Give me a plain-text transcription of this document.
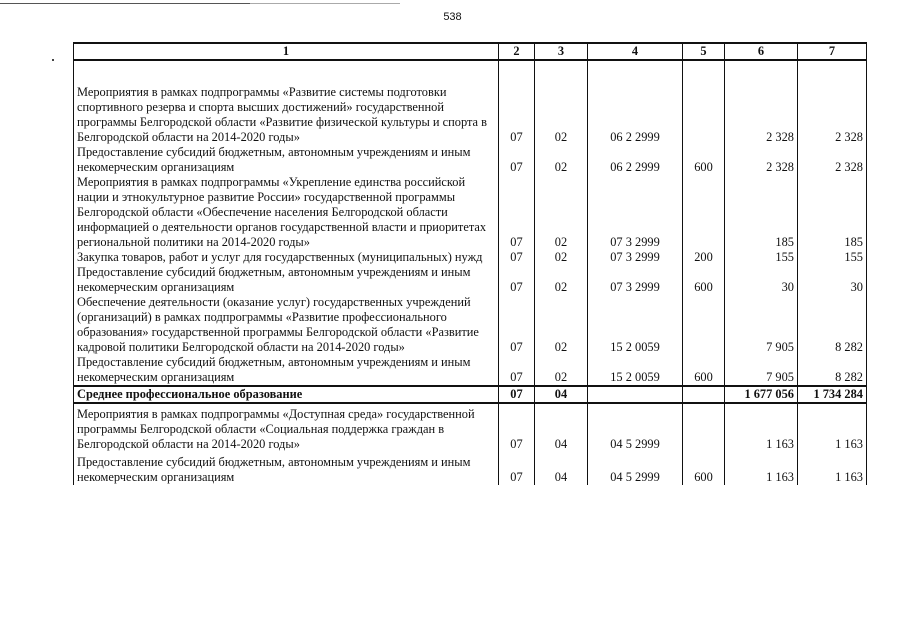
538
1	2	3	4	5	6	7
Мероприятия в рамках подпрограммы «Развитие системы подготовки спортивного резерва и спорта высших достижений» государственной программы Белгородской области «Развитие физической культуры и спорта в Белгородской области на 2014-2020 годы»	07	02	06 2 2999		2 328	2 328
Предоставление субсидий бюджетным, автономным учреждениям и иным некомерческим организациям	07	02	06 2 2999	600	2 328	2 328
Мероприятия в рамках подпрограммы «Укрепление единства российской нации и этнокультурное развитие России» государственной программы Белгородской области «Обеспечение населения Белгородской области информацией о деятельности органов государственной власти и приоритетах региональной политики на 2014-2020 годы»	07	02	07 3 2999		185	185
Закупка товаров, работ и услуг для государственных (муниципальных) нужд	07	02	07 3 2999	200	155	155
Предоставление субсидий бюджетным, автономным учреждениям и иным некомерческим организациям	07	02	07 3 2999	600	30	30
Обеспечение деятельности (оказание услуг) государственных учреждений (организаций) в рамках подпрограммы «Развитие профессионального образования» государственной программы Белгородской области «Развитие кадровой политики Белгородской области на 2014-2020 годы»	07	02	15 2 0059		7 905	8 282
Предоставление субсидий бюджетным, автономным учреждениям и иным некомерческим организациям	07	02	15 2 0059	600	7 905	8 282
Среднее профессиональное образование	07	04			1 677 056	1 734 284
Мероприятия в рамках подпрограммы «Доступная среда» государственной программы Белгородской области «Социальная поддержка граждан в Белгородской области на 2014-2020 годы»	07	04	04 5 2999		1 163	1 163
Предоставление субсидий бюджетным, автономным учреждениям и иным некомерческим организациям	07	04	04 5 2999	600	1 163	1 163
